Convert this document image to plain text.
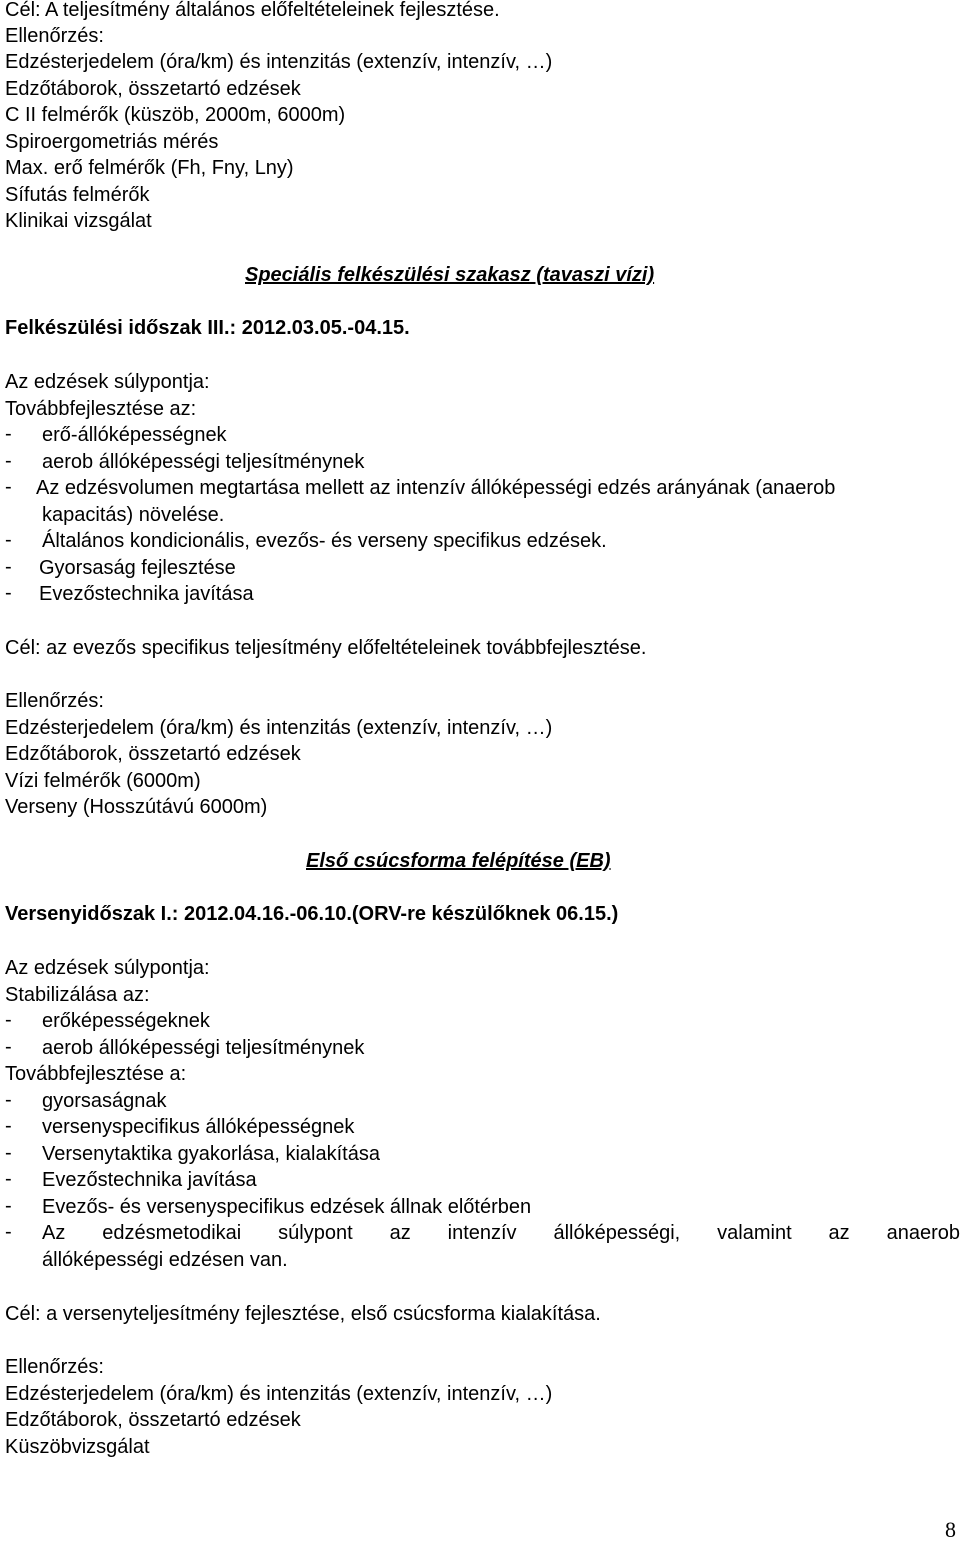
Cél: A teljesítmény általános előfeltételeinek fejlesztése.
Ellenőrzés:
Edzésterjedelem (óra/km) és intenzitás (extenzív, intenzív, …)
Edzőtáborok, összetartó edzések
C II felmérők (küszöb, 2000m, 6000m)
Spiroergometriás mérés
Max. erő felmérők (Fh, Fny, Lny)
Sífutás felmérők
Klinikai vizsgálat
Speciális felkészülési szakasz (tavaszi vízi)
Felkészülési időszak III.: 2012.03.05.-04.15.
Az edzések súlypontja:
Továbbfejlesztése az:
- erő-állóképességnek
- aerob állóképességi teljesítménynek
- Az edzésvolumen megtartása mellett az intenzív állóképességi edzés arányának (anaerob
kapacitás) növelése.
- Általános kondicionális, evezős- és verseny specifikus edzések.
- Gyorsaság fejlesztése
- Evezőstechnika javítása
Cél: az evezős specifikus teljesítmény előfeltételeinek továbbfejlesztése.
Ellenőrzés:
Edzésterjedelem (óra/km) és intenzitás (extenzív, intenzív, …)
Edzőtáborok, összetartó edzések
Vízi felmérők (6000m)
Verseny (Hosszútávú 6000m)
Első csúcsforma felépítése (EB)
Versenyidőszak I.: 2012.04.16.-06.10.(ORV-re készülőknek 06.15.)
Az edzések súlypontja:
Stabilizálása az:
- erőképességeknek
- aerob állóképességi teljesítménynek
Továbbfejlesztése a:
- gyorsaságnak
- versenyspecifikus állóképességnek
- Versenytaktika gyakorlása, kialakítása
- Evezőstechnika javítása
- Evezős- és versenyspecifikus edzések állnak előtérben
- Az edzésmetodikai súlypont az intenzív állóképességi, valamint az anaerob
állóképességi edzésen van.
Cél: a versenyteljesítmény fejlesztése, első csúcsforma kialakítása.
Ellenőrzés:
Edzésterjedelem (óra/km) és intenzitás (extenzív, intenzív, …)
Edzőtáborok, összetartó edzések
Küszöbvizsgálat
8
